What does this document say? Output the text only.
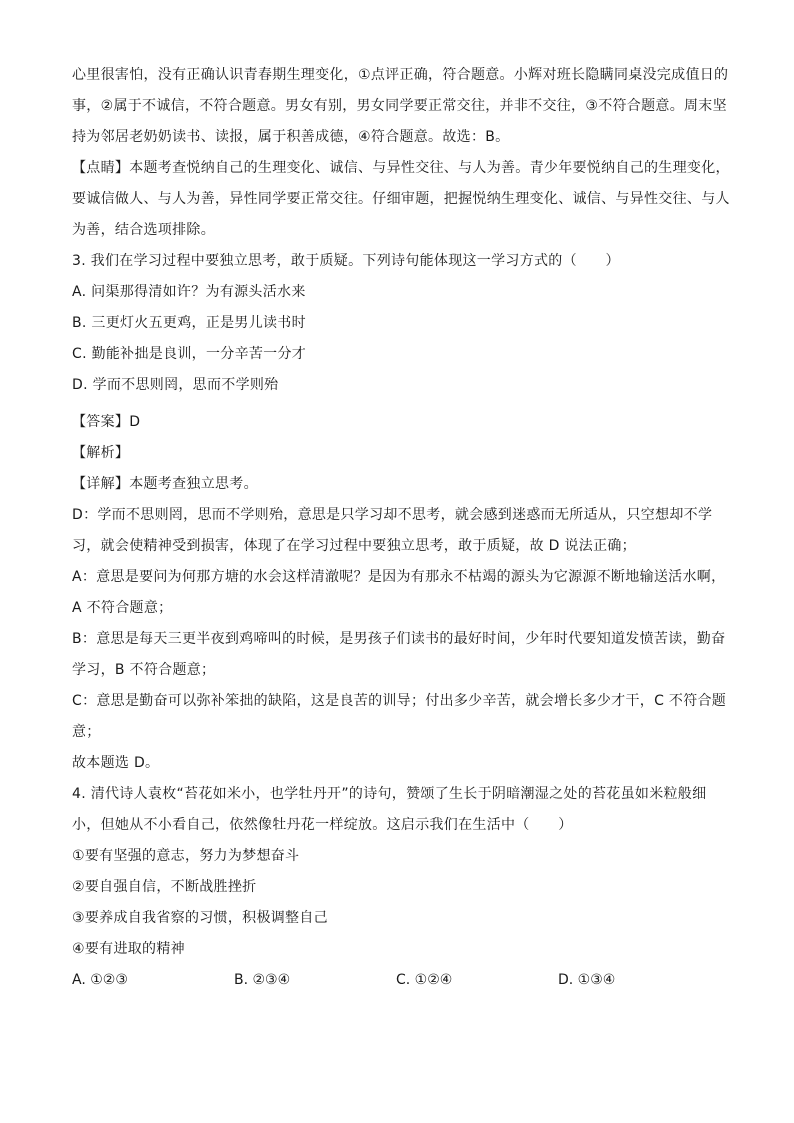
心里很害怕，没有正确认识青春期生理变化，①点评正确，符合题意。小辉对班长隐瞒同桌没完成值日的
事，②属于不诚信，不符合题意。男女有别，男女同学要正常交往，并非不交往，③不符合题意。周末坚
持为邻居老奶奶读书、读报，属于积善成德，④符合题意。故选：B。
【点睛】本题考查悦纳自己的生理变化、诚信、与异性交往、与人为善。青少年要悦纳自己的生理变化，
要诚信做人、与人为善，异性同学要正常交往。仔细审题，把握悦纳生理变化、诚信、与异性交往、与人
为善，结合选项排除。
3. 我们在学习过程中要独立思考，敢于质疑。下列诗句能体现这一学习方式的（　　）
A. 问渠那得清如许？为有源头活水来
B. 三更灯火五更鸡，正是男儿读书时
C. 勤能补拙是良训，一分辛苦一分才
D. 学而不思则罔，思而不学则殆
【答案】D
【解析】
【详解】本题考查独立思考。
D：学而不思则罔，思而不学则殆，意思是只学习却不思考，就会感到迷惑而无所适从，只空想却不学
习，就会使精神受到损害，体现了在学习过程中要独立思考，敢于质疑，故 D 说法正确；
A：意思是要问为何那方塘的水会这样清澈呢？是因为有那永不枯竭的源头为它源源不断地输送活水啊，
A 不符合题意；
B：意思是每天三更半夜到鸡啼叫的时候，是男孩子们读书的最好时间，少年时代要知道发愤苦读，勤奋
学习，B 不符合题意；
C：意思是勤奋可以弥补笨拙的缺陷，这是良苦的训导；付出多少辛苦，就会增长多少才干，C 不符合题
意；
故本题选 D。
4. 清代诗人袁枚“苔花如米小，也学牡丹开”的诗句，赞颂了生长于阴暗潮湿之处的苔花虽如米粒般细
小，但她从不小看自己，依然像牡丹花一样绽放。这启示我们在生活中（　　）
①要有坚强的意志，努力为梦想奋斗
②要自强自信，不断战胜挫折
③要养成自我省察的习惯，积极调整自己
④要有进取的精神
A. ①②③	B. ②③④	C. ①②④	D. ①③④
